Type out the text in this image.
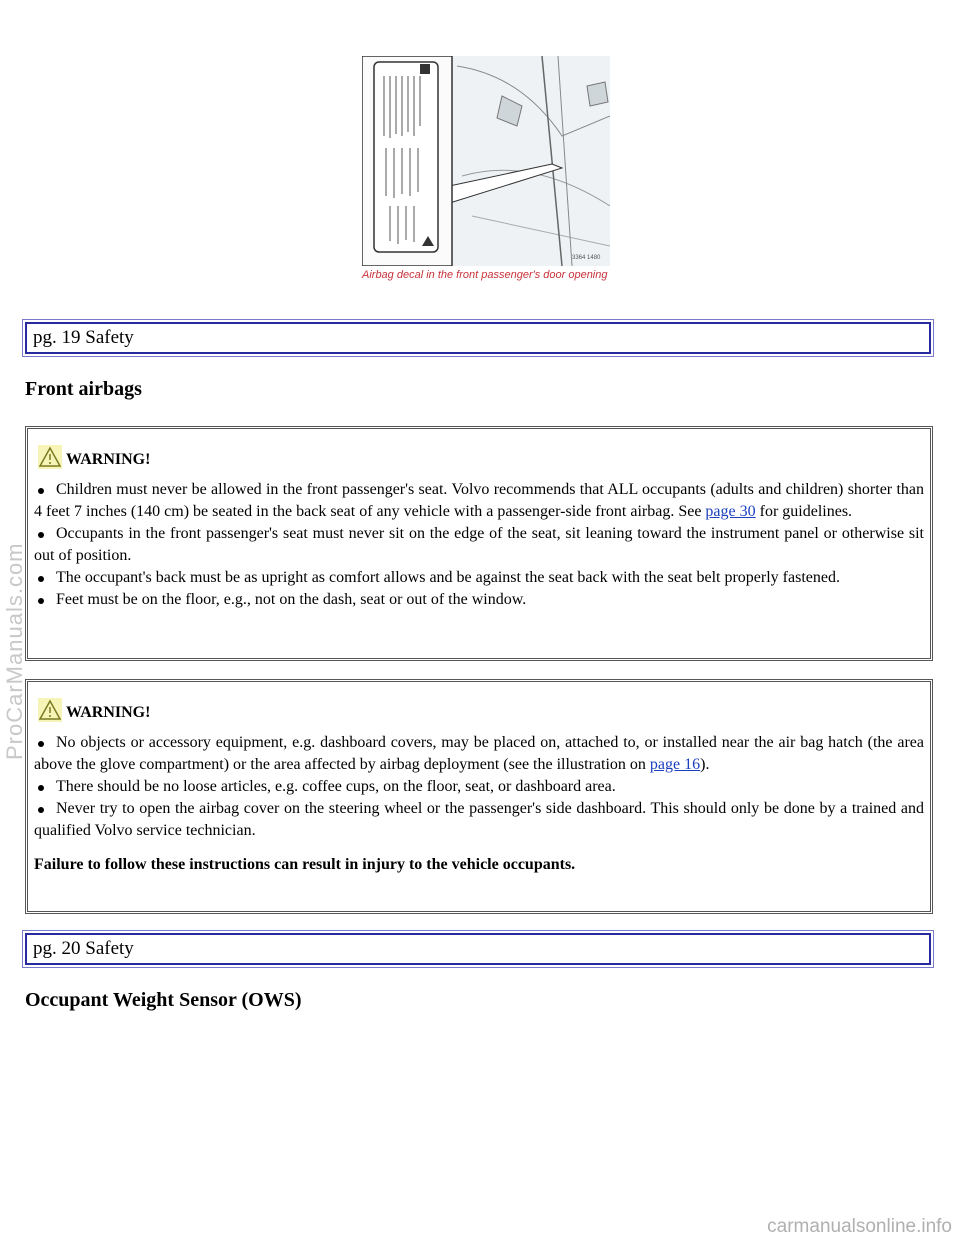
3364 1480
Airbag decal in the front passenger's door opening
pg. 19 Safety
Front airbags
WARNING!
Children must never be allowed in the front passenger's seat. Volvo recommends that ALL occupants (adults and children) shorter than 4 feet 7 inches (140 cm) be seated in the back seat of any vehicle with a passenger-side front airbag. See page 30 for guidelines.
Occupants in the front passenger's seat must never sit on the edge of the seat, sit leaning toward the instrument panel or otherwise sit out of position.
The occupant's back must be as upright as comfort allows and be against the seat back with the seat belt properly fastened.
Feet must be on the floor, e.g., not on the dash, seat or out of the window.
WARNING!
No objects or accessory equipment, e.g. dashboard covers, may be placed on, attached to, or installed near the air bag hatch (the area above the glove compartment) or the area affected by airbag deployment (see the illustration on page 16).
There should be no loose articles, e.g. coffee cups, on the floor, seat, or dashboard area.
Never try to open the airbag cover on the steering wheel or the passenger's side dashboard. This should only be done by a trained and qualified Volvo service technician.

Failure to follow these instructions can result in injury to the vehicle occupants.

pg. 20 Safety
Occupant Weight Sensor (OWS)
ProCarManuals.com
carmanualsonline.info
